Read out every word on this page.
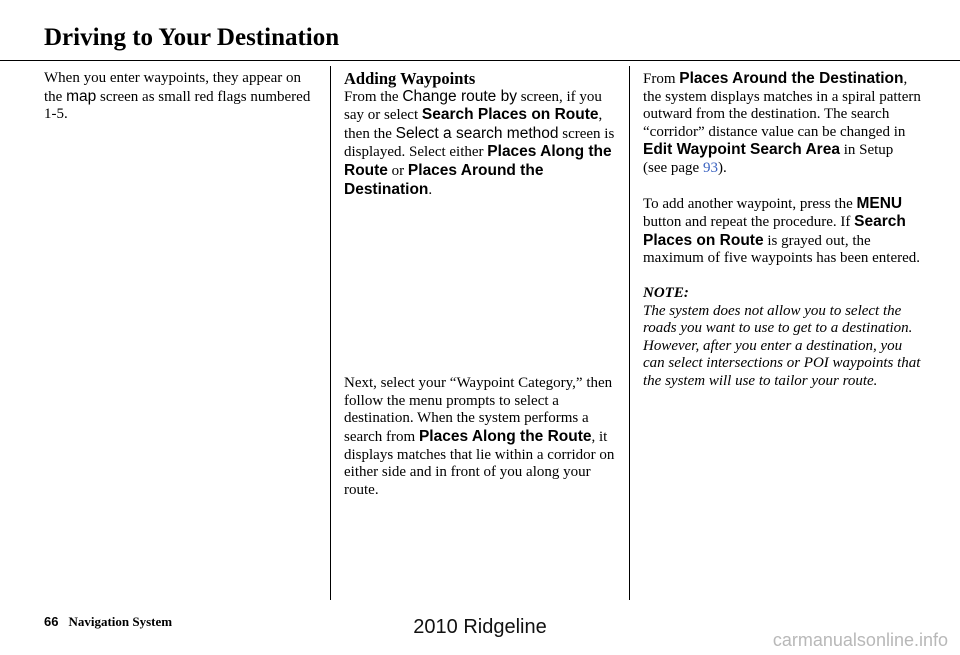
Driving to Your Destination

When you enter waypoints, they appear on the map screen as small red flags numbered 1-5.

Adding Waypoints

From the Change route by screen, if you say or select Search Places on Route, then the Select a search method screen is displayed. Select either Places Along the Route or Places Around the Destination.

Next, select your “Waypoint Category,” then follow the menu prompts to select a destination. When the system performs a search from Places Along the Route, it displays matches that lie within a corridor on either side and in front of you along your route.

From Places Around the Destination, the system displays matches in a spiral pattern outward from the destination. The search “corridor” distance value can be changed in Edit Waypoint Search Area in Setup (see page 93).

To add another waypoint, press the MENU button and repeat the procedure. If Search Places on Route is grayed out, the maximum of five waypoints has been entered.

NOTE:

The system does not allow you to select the roads you want to use to get to a destination. However, after you enter a destination, you can select intersections or POI waypoints that the system will use to tailor your route.

66 Navigation System	2010 Ridgeline
carmanualsonline.info
